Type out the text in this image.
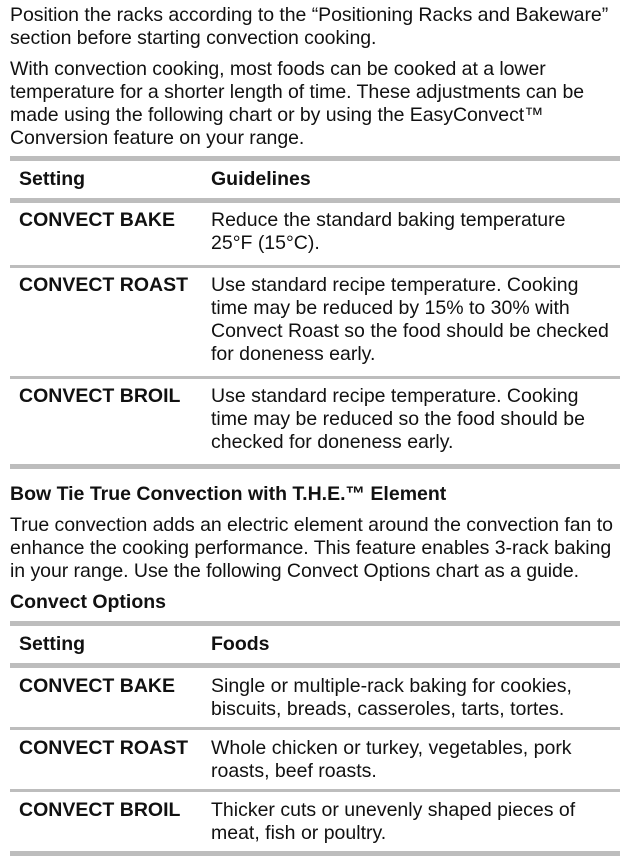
Position the racks according to the “Positioning Racks and Bakeware” section before starting convection cooking.

With convection cooking, most foods can be cooked at a lower temperature for a shorter length of time. These adjustments can be made using the following chart or by using the EasyConvect™ Conversion feature on your range.

Setting	Guidelines
CONVECT BAKE	Reduce the standard baking temperature 25°F (15°C).
CONVECT ROAST	Use standard recipe temperature. Cooking time may be reduced by 15% to 30% with Convect Roast so the food should be checked for doneness early.
CONVECT BROIL	Use standard recipe temperature. Cooking time may be reduced so the food should be checked for doneness early.
Bow Tie True Convection with T.H.E.™ Element

True convection adds an electric element around the convection fan to enhance the cooking performance. This feature enables 3-rack baking in your range. Use the following Convect Options chart as a guide.

Convect Options
Setting	Foods
CONVECT BAKE	Single or multiple-rack baking for cookies, biscuits, breads, casseroles, tarts, tortes.
CONVECT ROAST	Whole chicken or turkey, vegetables, pork roasts, beef roasts.
CONVECT BROIL	Thicker cuts or unevenly shaped pieces of meat, fish or poultry.
